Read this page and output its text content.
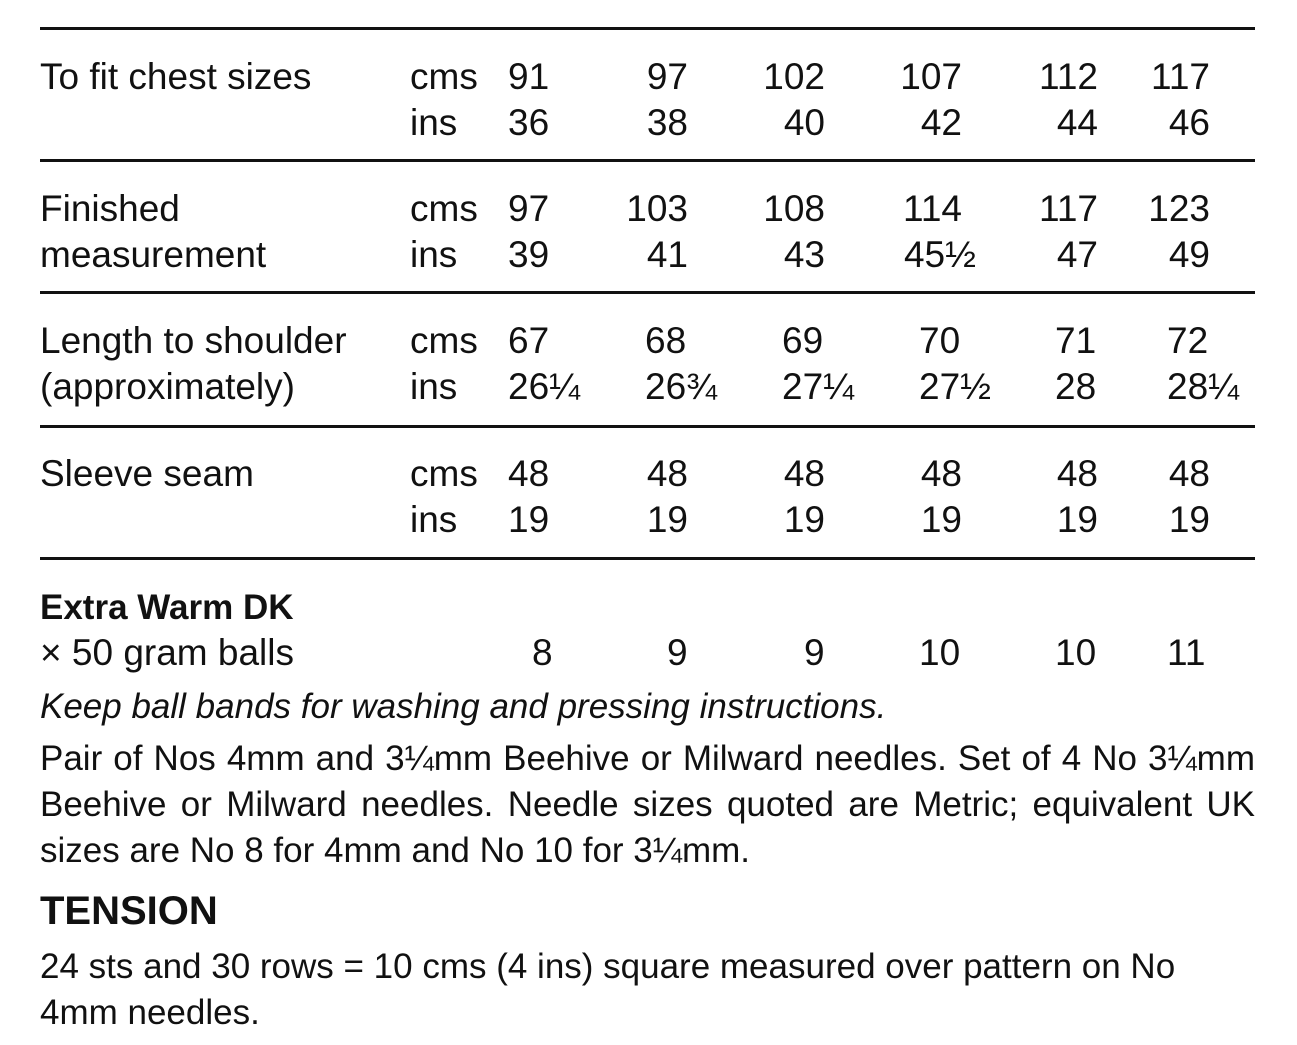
To fit chest sizes	cms 91	97	102	107	112	117
ins 36	38	40	42	44	46
Finished	cms 97	103	108	114	117	123
measurement	ins 39	41	43	45½	47	49
Length to shoulder cms 67	68	69	70	71	72
(approximately)	ins 26¼	26¾	27¼	27½	28	28¼
Sleeve seam	cms 48	48	48	48	48	48
ins 19	19	19	19	19	19
Extra Warm DK
× 50 gram balls	8	9	9	10	10	11
Keep ball bands for washing and pressing instructions.
Pair of Nos 4mm and 3¼mm Beehive or Milward needles. Set of 4 No 3¼mm Beehive or Milward needles. Needle sizes quoted are Metric; equivalent UK sizes are No 8 for 4mm and No 10 for 3¼mm.
TENSION
24 sts and 30 rows = 10 cms (4 ins) square measured over pattern on No 4mm needles.
